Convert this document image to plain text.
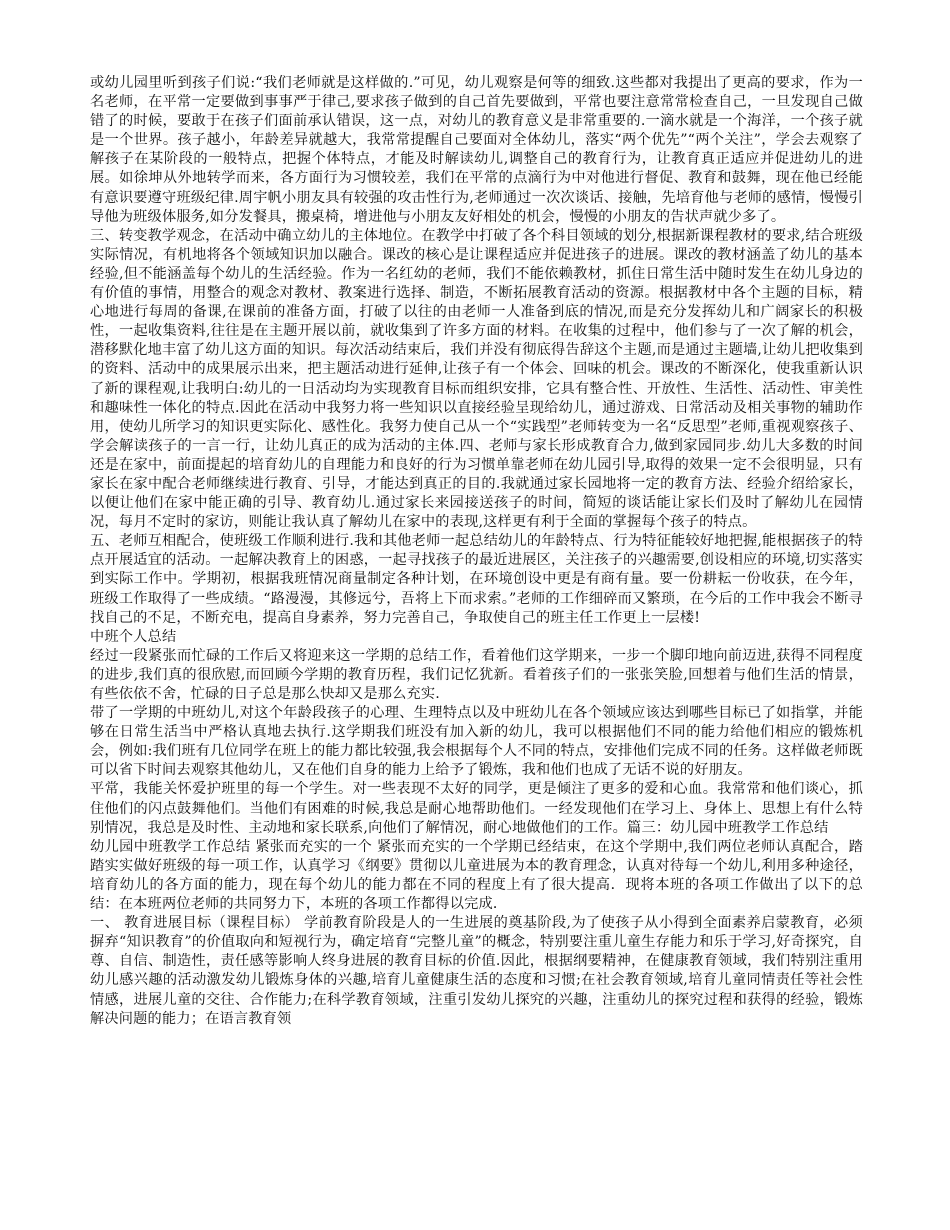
或幼儿园里听到孩子们说:“我们老师就是这样做的.”可见，幼儿观察是何等的细致.这些都对我提出了更高的要求，作为一名老师，在平常一定要做到事事严于律己,要求孩子做到的自己首先要做到，平常也要注意常常检查自己，一旦发现自己做错了的时候，要敢于在孩子们面前承认错误，这一点，对幼儿的教育意义是非常重要的.一滴水就是一个海洋，一个孩子就是一个世界。孩子越小，年龄差异就越大，我常常提醒自己要面对全体幼儿，落实“两个优先”“两个关注”，学会去观察了解孩子在某阶段的一般特点，把握个体特点，才能及时解读幼儿,调整自己的教育行为，让教育真正适应并促进幼儿的进展。如徐坤从外地转学而来，各方面行为习惯较差，我们在平常的点滴行为中对他进行督促、教育和鼓舞，现在他已经能有意识要遵守班级纪律.周宇帆小朋友具有较强的攻击性行为,老师通过一次次谈话、接触，先培育他与老师的感情，慢慢引导他为班级体服务,如分发餐具，搬桌椅，增进他与小朋友友好相处的机会，慢慢的小朋友的告状声就少多了。

三、转变教学观念，在活动中确立幼儿的主体地位。在教学中打破了各个科目领域的划分,根据新课程教材的要求,结合班级实际情况，有机地将各个领域知识加以融合。课改的核心是让课程适应并促进孩子的进展。课改的教材涵盖了幼儿的基本经验,但不能涵盖每个幼儿的生活经验。作为一名红幼的老师，我们不能依赖教材，抓住日常生活中随时发生在幼儿身边的有价值的事情，用整合的观念对教材、教案进行选择、制造，不断拓展教育活动的资源。根据教材中各个主题的目标，精心地进行每周的备课,在课前的准备方面，打破了以往的由老师一人准备到底的情况,而是充分发挥幼儿和广阔家长的积极性，一起收集资料,往往是在主题开展以前，就收集到了许多方面的材料。在收集的过程中，他们参与了一次了解的机会，潜移默化地丰富了幼儿这方面的知识。每次活动结束后，我们并没有彻底得告辞这个主题,而是通过主题墙,让幼儿把收集到的资料、活动中的成果展示出来，把主题活动进行延伸,让孩子有一个体会、回味的机会。课改的不断深化，使我重新认识了新的课程观,让我明白:幼儿的一日活动均为实现教育目标而组织安排，它具有整合性、开放性、生活性、活动性、审美性和趣味性一体化的特点.因此在活动中我努力将一些知识以直接经验呈现给幼儿，通过游戏、日常活动及相关事物的辅助作用，使幼儿所学习的知识更实际化、感性化。我努力使自己从一个“实践型”老师转变为一名“反思型”老师,重视观察孩子、学会解读孩子的一言一行，让幼儿真正的成为活动的主体.四、老师与家长形成教育合力,做到家园同步.幼儿大多数的时间还是在家中，前面提起的培育幼儿的自理能力和良好的行为习惯单靠老师在幼儿园引导,取得的效果一定不会很明显，只有家长在家中配合老师继续进行教育、引导，才能达到真正的目的.我就通过家长园地将一定的教育方法、经验介绍给家长，以便让他们在家中能正确的引导、教育幼儿.通过家长来园接送孩子的时间，简短的谈话能让家长们及时了解幼儿在园情况，每月不定时的家访，则能让我认真了解幼儿在家中的表现,这样更有利于全面的掌握每个孩子的特点。

五、老师互相配合，使班级工作顺利进行.我和其他老师一起总结幼儿的年龄特点、行为特征能较好地把握,能根据孩子的特点开展适宜的活动。一起解决教育上的困惑，一起寻找孩子的最近进展区，关注孩子的兴趣需要,创设相应的环境,切实落实到实际工作中。学期初，根据我班情况商量制定各种计划，在环境创设中更是有商有量。要一份耕耘一份收获，在今年，班级工作取得了一些成绩。“路漫漫，其修远兮，吾将上下而求索。”老师的工作细碎而又繁琐，在今后的工作中我会不断寻找自己的不足，不断充电，提高自身素养，努力完善自己，争取使自己的班主任工作更上一层楼!

中班个人总结

经过一段紧张而忙碌的工作后又将迎来这一学期的总结工作，看着他们这学期来，一步一个脚印地向前迈进,获得不同程度的进步,我们真的很欣慰,而回顾今学期的教育历程，我们记忆犹新。看着孩子们的一张张笑脸,回想着与他们生活的情景，有些依依不舍，忙碌的日子总是那么快却又是那么充实.

带了一学期的中班幼儿,对这个年龄段孩子的心理、生理特点以及中班幼儿在各个领域应该达到哪些目标已了如指掌，并能够在日常生活当中严格认真地去执行.这学期我们班没有加入新的幼儿，我可以根据他们不同的能力给他们相应的锻炼机会，例如:我们班有几位同学在班上的能力都比较强,我会根据每个人不同的特点，安排他们完成不同的任务。这样做老师既可以省下时间去观察其他幼儿，又在他们自身的能力上给予了锻炼，我和他们也成了无话不说的好朋友。

平常，我能关怀爱护班里的每一个学生。对一些表现不太好的同学，更是倾注了更多的爱和心血。我常常和他们谈心，抓住他们的闪点鼓舞他们。当他们有困难的时候,我总是耐心地帮助他们。一经发现他们在学习上、身体上、思想上有什么特别情况，我总是及时性、主动地和家长联系,向他们了解情况，耐心地做他们的工作。篇三：幼儿园中班教学工作总结

幼儿园中班教学工作总结 紧张而充实的一个 紧张而充实的一个学期已经结束，在这个学期中,我们两位老师认真配合，踏踏实实做好班级的每一项工作，认真学习《纲要》贯彻以儿童进展为本的教育理念，认真对待每一个幼儿,利用多种途径，培育幼儿的各方面的能力，现在每个幼儿的能力都在不同的程度上有了很大提高．现将本班的各项工作做出了以下的总结：在本班两位老师的共同努力下，本班的各项工作都得以完成．

一、 教育进展目标（课程目标） 学前教育阶段是人的一生进展的奠基阶段,为了使孩子从小得到全面素养启蒙教育，必须摒弃“知识教育”的价值取向和短视行为，确定培育“完整儿童”的概念，特别要注重儿童生存能力和乐于学习,好奇探究，自尊、自信、制造性，责任感等影响人终身进展的教育目标的价值.因此，根据纲要精神，在健康教育领域，我们特别注重用幼儿感兴趣的活动激发幼儿锻炼身体的兴趣,培育儿童健康生活的态度和习惯;在社会教育领域,培育儿童同情责任等社会性情感，进展儿童的交往、合作能力;在科学教育领域，注重引发幼儿探究的兴趣，注重幼儿的探究过程和获得的经验，锻炼解决问题的能力；在语言教育领
